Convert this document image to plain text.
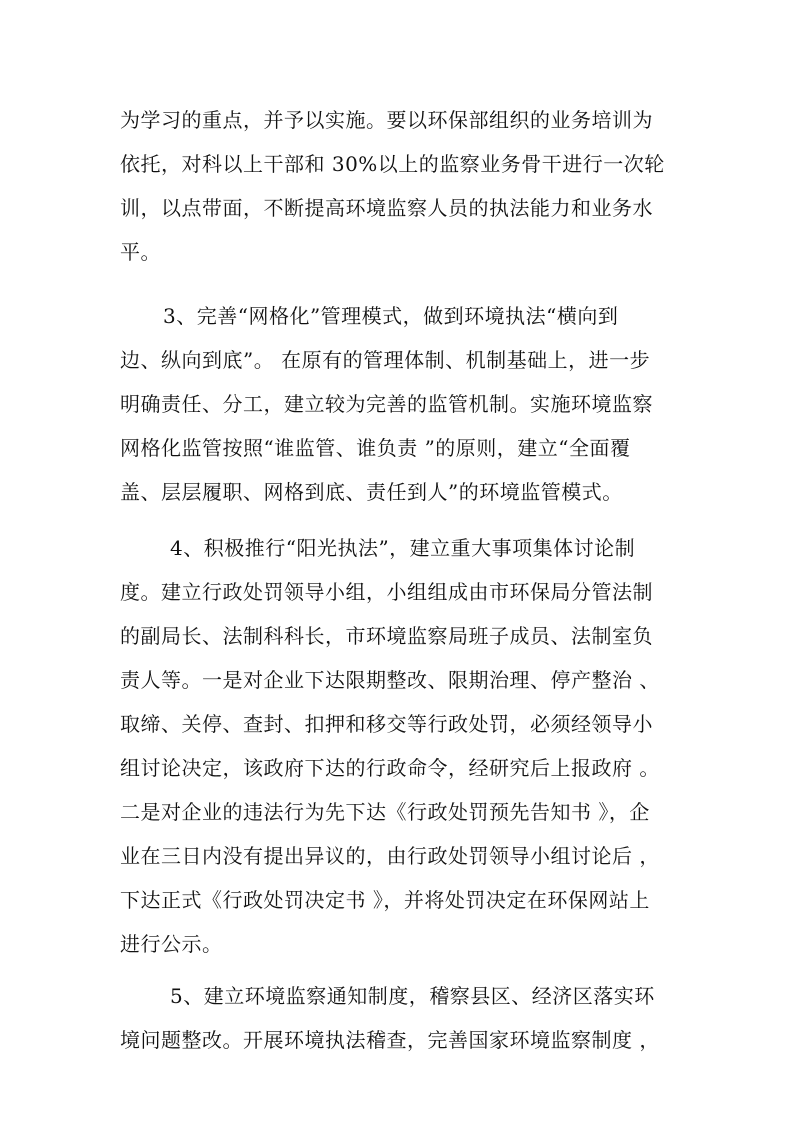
为学习的重点，并予以实施。要以环保部组织的业务培训为
依托，对科以上干部和 30%以上的监察业务骨干进行一次轮
训，以点带面，不断提高环境监察人员的执法能力和业务水
平。
3、完善“网格化”管理模式，做到环境执法“横向到
边、纵向到底”。 在原有的管理体制、机制基础上，进一步
明确责任、分工，建立较为完善的监管机制。实施环境监察
网格化监管按照“谁监管、谁负责 ”的原则，建立“全面覆
盖、层层履职、网格到底、责任到人”的环境监管模式。
4、积极推行“阳光执法”，建立重大事项集体讨论制
度。建立行政处罚领导小组，小组组成由市环保局分管法制
的副局长、法制科科长，市环境监察局班子成员、法制室负
责人等。一是对企业下达限期整改、限期治理、停产整治 、
取缔、关停、查封、扣押和移交等行政处罚，必须经领导小
组讨论决定，该政府下达的行政命令，经研究后上报政府 。
二是对企业的违法行为先下达《行政处罚预先告知书 》，企
业在三日内没有提出异议的，由行政处罚领导小组讨论后 ，
下达正式《行政处罚决定书 》，并将处罚决定在环保网站上
进行公示。
5、建立环境监察通知制度，稽察县区、经济区落实环
境问题整改。开展环境执法稽查，完善国家环境监察制度 ，
